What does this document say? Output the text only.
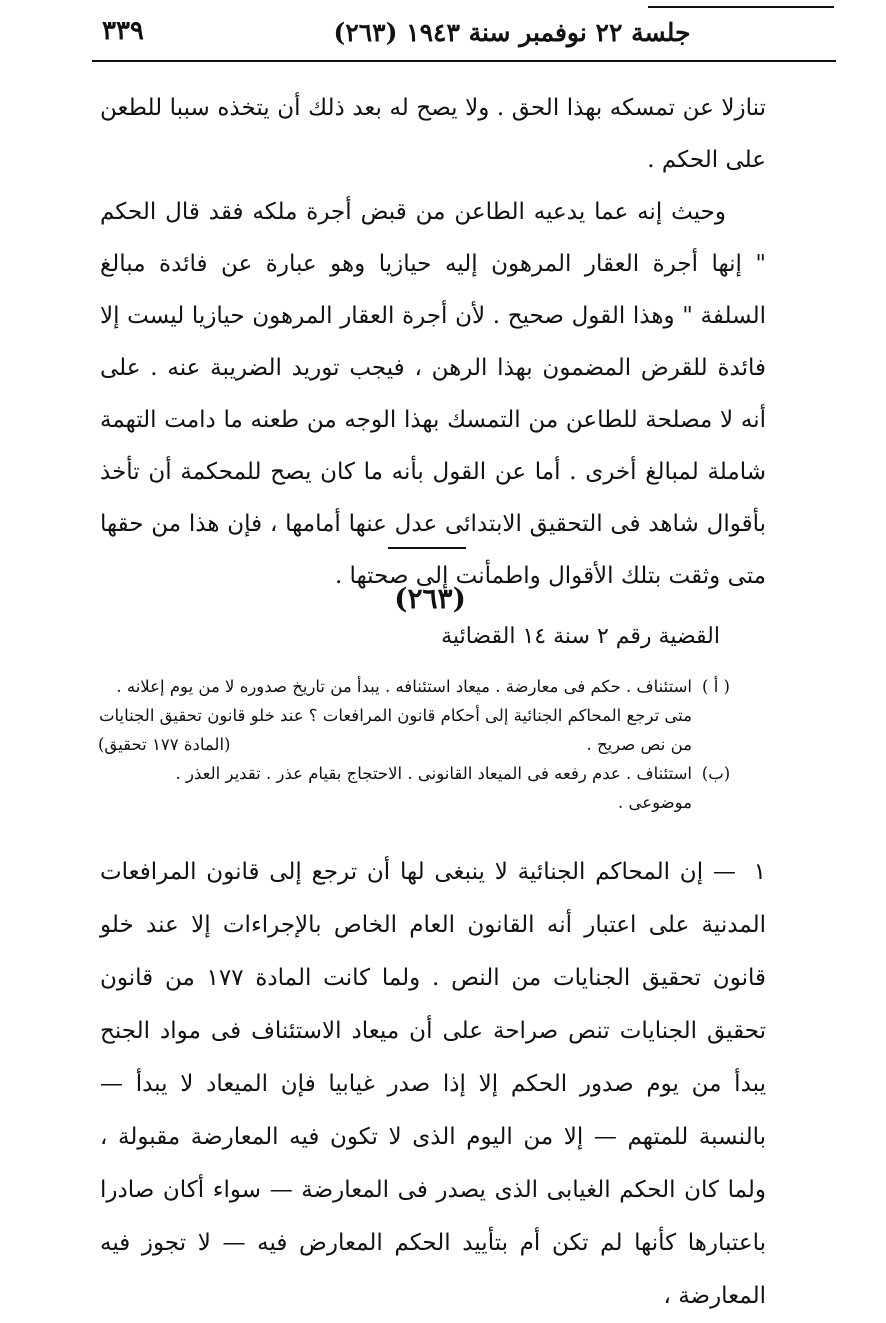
٣٣٩	جلسة ٢٢ نوفمبر سنة ١٩٤٣ (٢٦٣)

تنازلا عن تمسكه بهذا الحق . ولا يصح له بعد ذلك أن يتخذه سببا للطعن على الحكم .

وحيث إنه عما يدعيه الطاعن من قبض أجرة ملكه فقد قال الحكم " إنها أجرة العقار المرهون إليه حيازيا وهو عبارة عن فائدة مبالغ السلفة " وهذا القول صحيح . لأن أجرة العقار المرهون حيازيا ليست إلا فائدة للقرض المضمون بهذا الرهن ، فيجب توريد الضريبة عنه . على أنه لا مصلحة للطاعن من التمسك بهذا الوجه من طعنه ما دامت التهمة شاملة لمبالغ أخرى . أما عن القول بأنه ما كان يصح للمحكمة أن تأخذ بأقوال شاهد فى التحقيق الابتدائى عدل عنها أمامها ، فإن هذا من حقها متى وثقت بتلك الأقوال واطمأنت إلى صحتها .

(٢٦٣)
القضية رقم ٢ سنة ١٤ القضائية
( أ )
استئناف . حكم فى معارضة . ميعاد استئنافه . يبدأ من تاريخ صدوره لا من يوم إعلانه .
متى ترجع المحاكم الجنائية إلى أحكام قانون المرافعات ؟ عند خلو قانون تحقيق الجنايات
من نص صريح .
(المادة ١٧٧ تحقيق)
(ب)
استئناف . عدم رفعه فى الميعاد القانونى . الاحتجاج بقيام عذر . تقدير العذر .
موضوعى .
١ — إن المحاكم الجنائية لا ينبغى لها أن ترجع إلى قانون المرافعات المدنية على اعتبار أنه القانون العام الخاص بالإجراءات إلا عند خلو قانون تحقيق الجنايات من النص . ولما كانت المادة ١٧٧ من قانون تحقيق الجنايات تنص صراحة على أن ميعاد الاستئناف فى مواد الجنح يبدأ من يوم صدور الحكم إلا إذا صدر غيابيا فإن الميعاد لا يبدأ — بالنسبة للمتهم — إلا من اليوم الذى لا تكون فيه المعارضة مقبولة ، ولما كان الحكم الغيابى الذى يصدر فى المعارضة — سواء أكان صادرا باعتبارها كأنها لم تكن أم بتأييد الحكم المعارض فيه — لا تجوز فيه المعارضة ،
